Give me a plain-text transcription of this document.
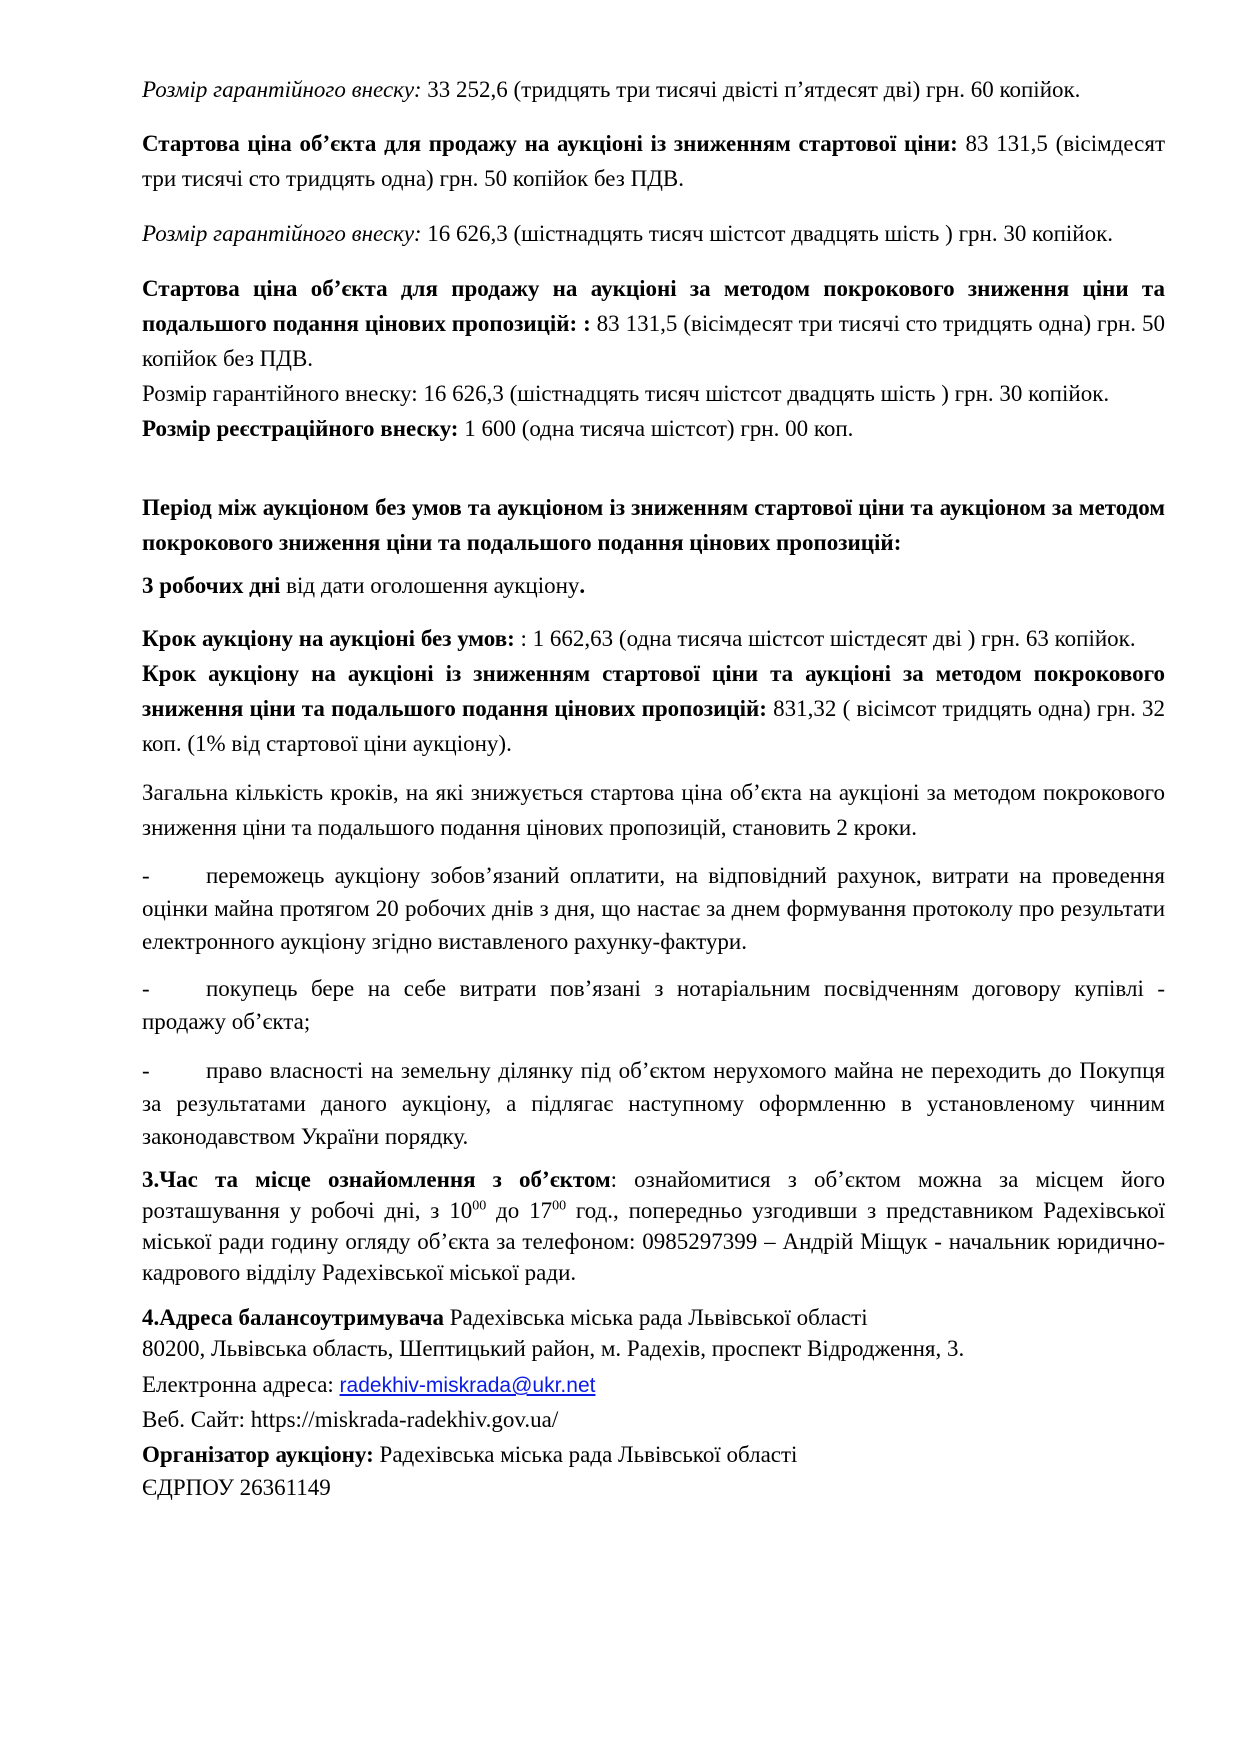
Розмір гарантійного внеску: 33 252,6 (тридцять три тисячі двісті п’ятдесят дві) грн. 60 копійок.

Стартова ціна об’єкта для продажу на аукціоні із зниженням стартової ціни: 83 131,5 (вісімдесят три тисячі сто тридцять одна) грн. 50 копійок без ПДВ.

Розмір гарантійного внеску: 16 626,3 (шістнадцять тисяч шістсот двадцять шість ) грн. 30 копійок.

Стартова ціна об’єкта для продажу на аукціоні за методом покрокового зниження ціни та подальшого подання цінових пропозицій: : 83 131,5 (вісімдесят три тисячі сто тридцять одна) грн. 50 копійок без ПДВ.

Розмір гарантійного внеску: 16 626,3 (шістнадцять тисяч шістсот двадцять шість ) грн. 30 копійок.

Розмір реєстраційного внеску: 1 600 (одна тисяча шістсот) грн. 00 коп.

Період між аукціоном без умов та аукціоном із зниженням стартової ціни та аукціоном за методом покрокового зниження ціни та подальшого подання цінових пропозицій:

3 робочих дні від дати оголошення аукціону.

Крок аукціону на аукціоні без умов: : 1 662,63 (одна тисяча шістсот шістдесят дві ) грн. 63 копійок.

Крок аукціону на аукціоні із зниженням стартової ціни та аукціоні за методом покрокового зниження ціни та подальшого подання цінових пропозицій: 831,32 ( вісімсот тридцять одна) грн. 32 коп. (1% від стартової ціни аукціону).

Загальна кількість кроків, на які знижується стартова ціна об’єкта на аукціоні за методом покрокового зниження ціни та подальшого подання цінових пропозицій, становить 2 кроки.

- переможець аукціону зобов’язаний оплатити, на відповідний рахунок, витрати на проведення оцінки майна протягом 20 робочих днів з дня, що настає за днем формування протоколу про результати електронного аукціону згідно виставленого рахунку-фактури.

- покупець бере на себе витрати пов’язані з нотаріальним посвідченням договору купівлі - продажу об’єкта;

- право власності на земельну ділянку під об’єктом нерухомого майна не переходить до Покупця за результатами даного аукціону, а підлягає наступному оформленню в установленому чинним законодавством України порядку.

3.Час та місце ознайомлення з об’єктом: ознайомитися з об’єктом можна за місцем його розташування у робочі дні, з $10^{00}$ до $17^{00}$ год., попередньо узгодивши з представником Радехівської міської ради годину огляду об’єкта за телефоном: 0985297399 – Андрій Міщук - начальник юридично-кадрового відділу Радехівської міської ради.

4.Адреса балансоутримувача Радехівська міська рада Львівської області

80200, Львівська область, Шептицький район, м. Радехів, проспект Відродження, 3.

Електронна адреса: radekhiv-miskrada@ukr.net

Веб. Сайт: https://miskrada-radekhiv.gov.ua/

Організатор аукціону: Радехівська міська рада Львівської області

ЄДРПОУ 26361149
